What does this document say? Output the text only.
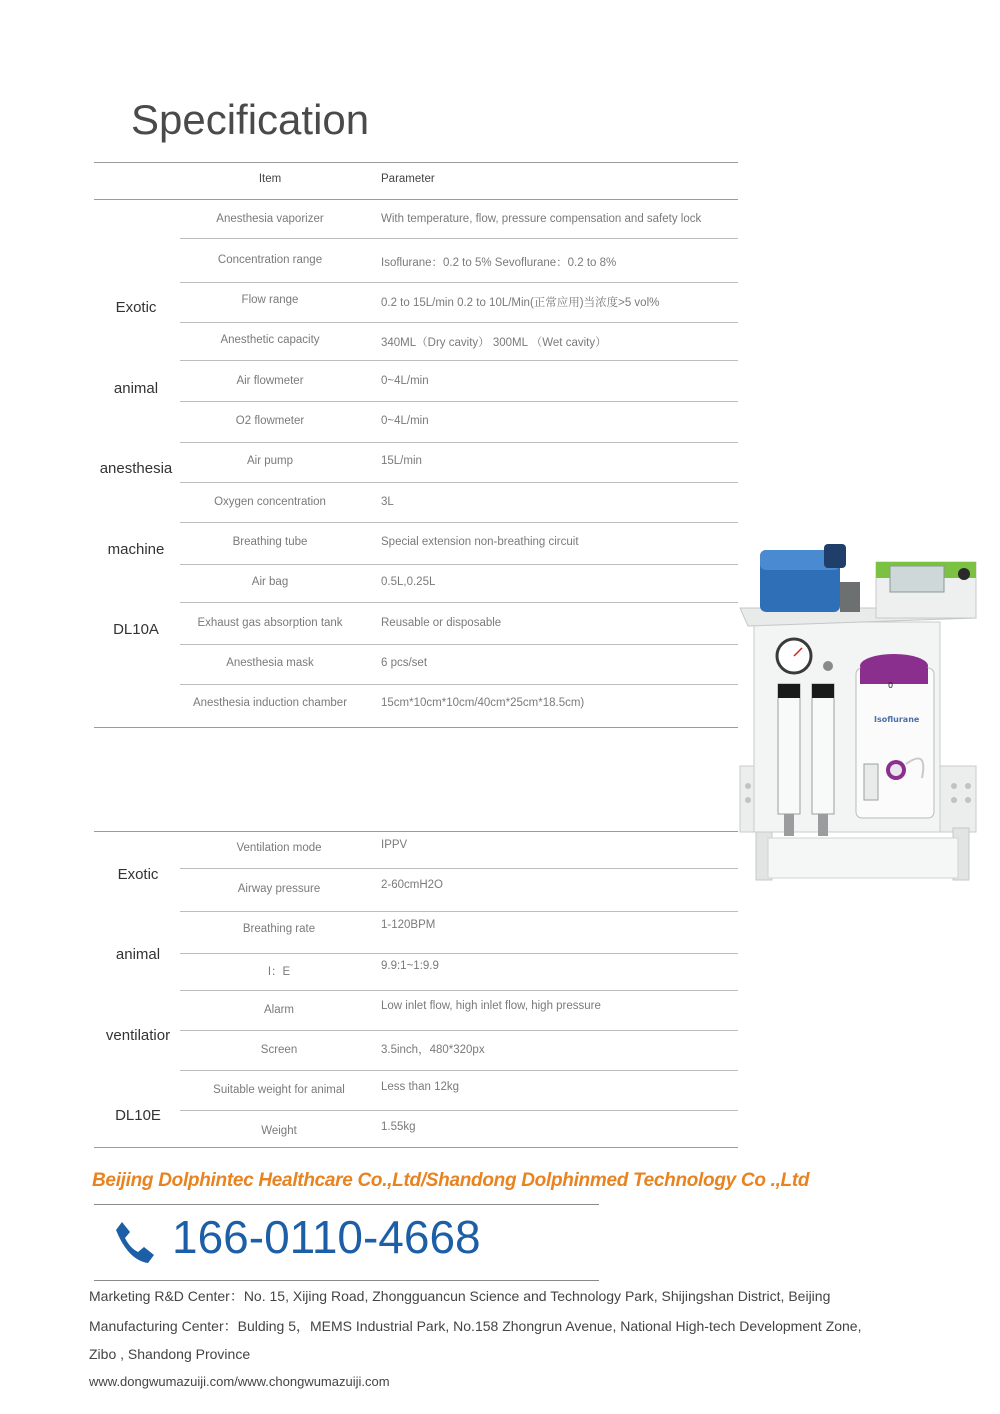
Specification
Item	Parameter
Exotic
animal
anesthesia
machine
DL10A
Anesthesia vaporizer	With temperature, flow, pressure compensation and safety lock
Concentration range	Isoflurane：0.2 to 5% Sevoflurane：0.2 to 8%
Flow range	0.2 to 15L/min 0.2 to 10L/Min(正常应用)当浓度>5 vol%
Anesthetic capacity	340ML（Dry cavity） 300ML （Wet cavity）
Air flowmeter	0~4L/min
O2 flowmeter	0~4L/min
Air pump	15L/min
Oxygen concentration	3L
Breathing tube	Special extension non-breathing circuit
Air bag	0.5L,0.25L
Exhaust gas absorption tank	Reusable or disposable
Anesthesia mask	6 pcs/set
Anesthesia induction chamber	15cm*10cm*10cm/40cm*25cm*18.5cm)
Exotic
animal
ventilatior
DL10E
Ventilation mode	IPPV
Airway pressure	2-60cmH2O
Breathing rate	1-120BPM
I：E	9.9:1~1:9.9
Alarm	Low inlet flow, high inlet flow, high pressure
Screen	3.5inch，480*320px
Suitable weight for animal	Less than 12kg
Weight	1.55kg
0
Isoflurane
Beijing Dolphintec Healthcare Co.,Ltd/Shandong Dolphinmed Technology Co .,Ltd
166-0110-4668
Marketing R&D Center：No. 15, Xijing Road, Zhongguancun Science and Technology Park, Shijingshan District, Beijing
Manufacturing Center：Bulding 5，MEMS Industrial Park, No.158 Zhongrun Avenue, National High-tech Development Zone,
Zibo , Shandong Province
www.dongwumazuiji.com/www.chongwumazuiji.com
